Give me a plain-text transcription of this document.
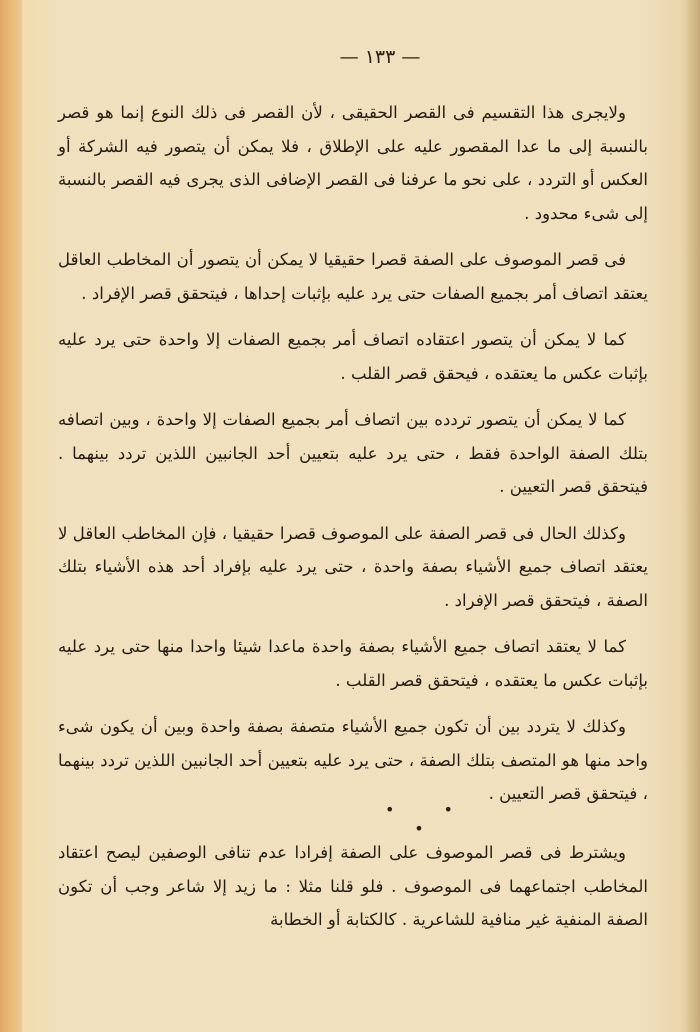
— ١٣٣ —

ولايجرى هذا التقسيم فى القصر الحقيقى ، لأن القصر فى ذلك النوع إنما هو قصر بالنسبة إلى ما عدا المقصور عليه على الإطلاق ، فلا يمكن أن يتصور فيه الشركة أو العكس أو التردد ، على نحو ما عرفنا فى القصر الإضافى الذى يجرى فيه القصر بالنسبة إلى شىء محدود .

فى قصر الموصوف على الصفة قصرا حقيقيا لا يمكن أن يتصور أن المخاطب العاقل يعتقد اتصاف أمر بجميع الصفات حتى يرد عليه بإثبات إحداها ، فيتحقق قصر الإفراد .

كما لا يمكن أن يتصور اعتقاده اتصاف أمر بجميع الصفات إلا واحدة حتى يرد عليه بإثبات عكس ما يعتقده ، فيحقق قصر القلب .

كما لا يمكن أن يتصور تردده بين اتصاف أمر بجميع الصفات إلا واحدة ، وبين اتصافه بتلك الصفة الواحدة فقط ، حتى يرد عليه بتعيين أحد الجانبين اللذين تردد بينهما . فيتحقق قصر التعيين .

وكذلك الحال فى قصر الصفة على الموصوف قصرا حقيقيا ، فإن المخاطب العاقل لا يعتقد اتصاف جميع الأشياء بصفة واحدة ، حتى يرد عليه بإفراد أحد هذه الأشياء بتلك الصفة ، فيتحقق قصر الإفراد .

كما لا يعتقد اتصاف جميع الأشياء بصفة واحدة ماعدا شيئا واحدا منها حتى يرد عليه بإثبات عكس ما يعتقده ، فيتحقق قصر القلب .

وكذلك لا يتردد بين أن تكون جميع الأشياء متصفة بصفة واحدة وبين أن يكون شىء واحد منها هو المتصف بتلك الصفة ، حتى يرد عليه بتعيين أحد الجانبين اللذين تردد بينهما ، فيتحقق قصر التعيين .

• • •

ويشترط فى قصر الموصوف على الصفة إفرادا عدم تنافى الوصفين ليصح اعتقاد المخاطب اجتماعهما فى الموصوف . فلو قلنا مثلا : ما زيد إلا شاعر وجب أن تكون الصفة المنفية غير منافية للشاعرية . كالكتابة أو الخطابة
